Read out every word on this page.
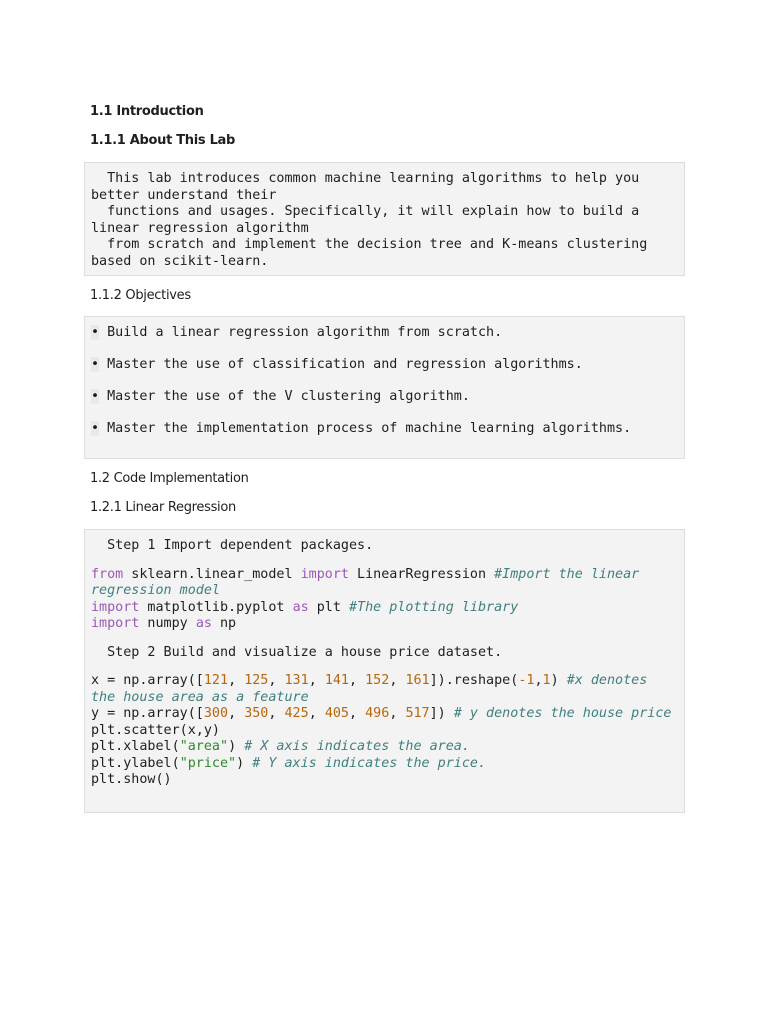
1.1 Introduction

1.1.1 About This Lab

This lab introduces common machine learning algorithms to help you better understand their
functions and usages. Specifically, it will explain how to build a linear regression algorithm
from scratch and implement the decision tree and K-means clustering based on scikit-learn.

1.1.2 Objectives

• Build a linear regression algorithm from scratch.
• Master the use of classification and regression algorithms.
• Master the use of the V clustering algorithm.
• Master the implementation process of machine learning algorithms.

1.2 Code Implementation

1.2.1 Linear Regression

Step 1 Import dependent packages.

from sklearn.linear_model import LinearRegression #Import the linear regression model

import matplotlib.pyplot as plt #The plotting library

import numpy as np

Step 2 Build and visualize a house price dataset.

x = np.array([121, 125, 131, 141, 152, 161]).reshape(-1,1) #x denotes the house area as a feature

y = np.array([300, 350, 425, 405, 496, 517]) # y denotes the house price

plt.scatter(x,y)

plt.xlabel("area") # X axis indicates the area.

plt.ylabel("price") # Y axis indicates the price.

plt.show()
